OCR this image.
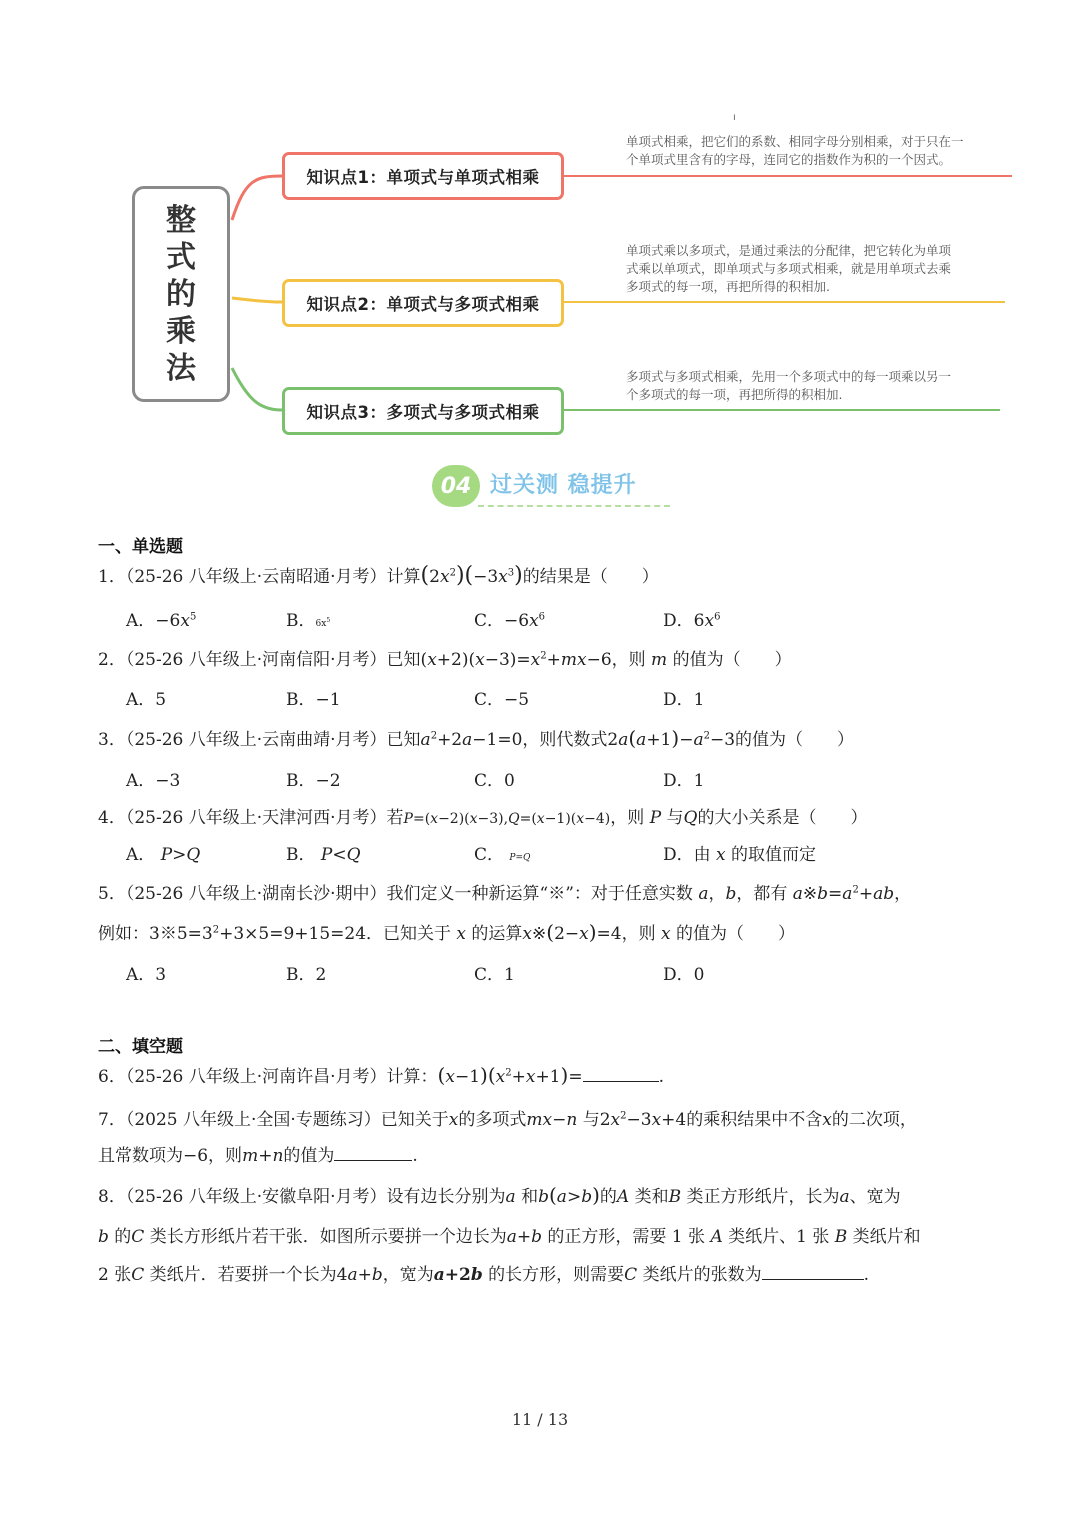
ı
整
式
的
乘
法
知识点1：单项式与单项式相乘
知识点2：单项式与多项式相乘
知识点3：多项式与多项式相乘
单项式相乘，把它们的系数、相同字母分别相乘，对于只在一
个单项式里含有的字母，连同它的指数作为积的一个因式。
单项式乘以多项式，是通过乘法的分配律，把它转化为单项
式乘以单项式，即单项式与多项式相乘，就是用单项式去乘
多项式的每一项，再把所得的积相加.
多项式与多项式相乘，先用一个多项式中的每一项乘以另一
个多项式的每一项，再把所得的积相加.
04 过关测 稳提升
一、单选题
1．（25-26 八年级上·云南昭通·月考）计算$(2x^2)(-3x^3)$的结果是（　　）
A．$-6x^5$	B．$6x^5$	C．$-6x^6$	D．$6x^6$
2．（25-26 八年级上·河南信阳·月考）已知$(x+2)(x-3)=x^2+mx-6$，则 m 的值为（　　）
A．5	B．−1	C．−5	D．1
3．（25-26 八年级上·云南曲靖·月考）已知$a^2+2a-1=0$，则代数式$2a(a+1)-a^2-3$的值为（　　）
A．−3	B．−2	C．0	D．1
4．（25-26 八年级上·天津河西·月考）若P=(x−2)(x−3),Q=(x−1)(x−4)，则 P 与Q的大小关系是（　　）
A． P>Q	B． P<Q	C． P=Q	D．由 x 的取值而定
5．（25-26 八年级上·湖南长沙·期中）我们定义一种新运算“※”：对于任意实数 a，b，都有 $a※b=a^2+ab$，
例如：$3※5=3^2+3\times 5=9+15=24$．已知关于 x 的运算x※(2−x)=4，则 x 的值为（　　）
A．3	B．2	C．1	D．0
二、填空题
6．（25-26 八年级上·河南许昌·月考）计算：$(x-1)(x^2+x+1)=$	.
7．（2025 八年级上·全国·专题练习）已知关于x的多项式mx−n 与$2x^2-3x+4$的乘积结果中不含x的二次项，
且常数项为−6，则m+n的值为	.
8．（25-26 八年级上·安徽阜阳·月考）设有边长分别为a 和b(a>b)的A 类和B 类正方形纸片，长为a、宽为
b 的C 类长方形纸片若干张．如图所示要拼一个边长为a+b 的正方形，需要 1 张 A 类纸片、1 张 B 类纸片和
2 张C 类纸片．若要拼一个长为4a+b，宽为a+2b 的长方形，则需要C 类纸片的张数为	.
11 / 13
